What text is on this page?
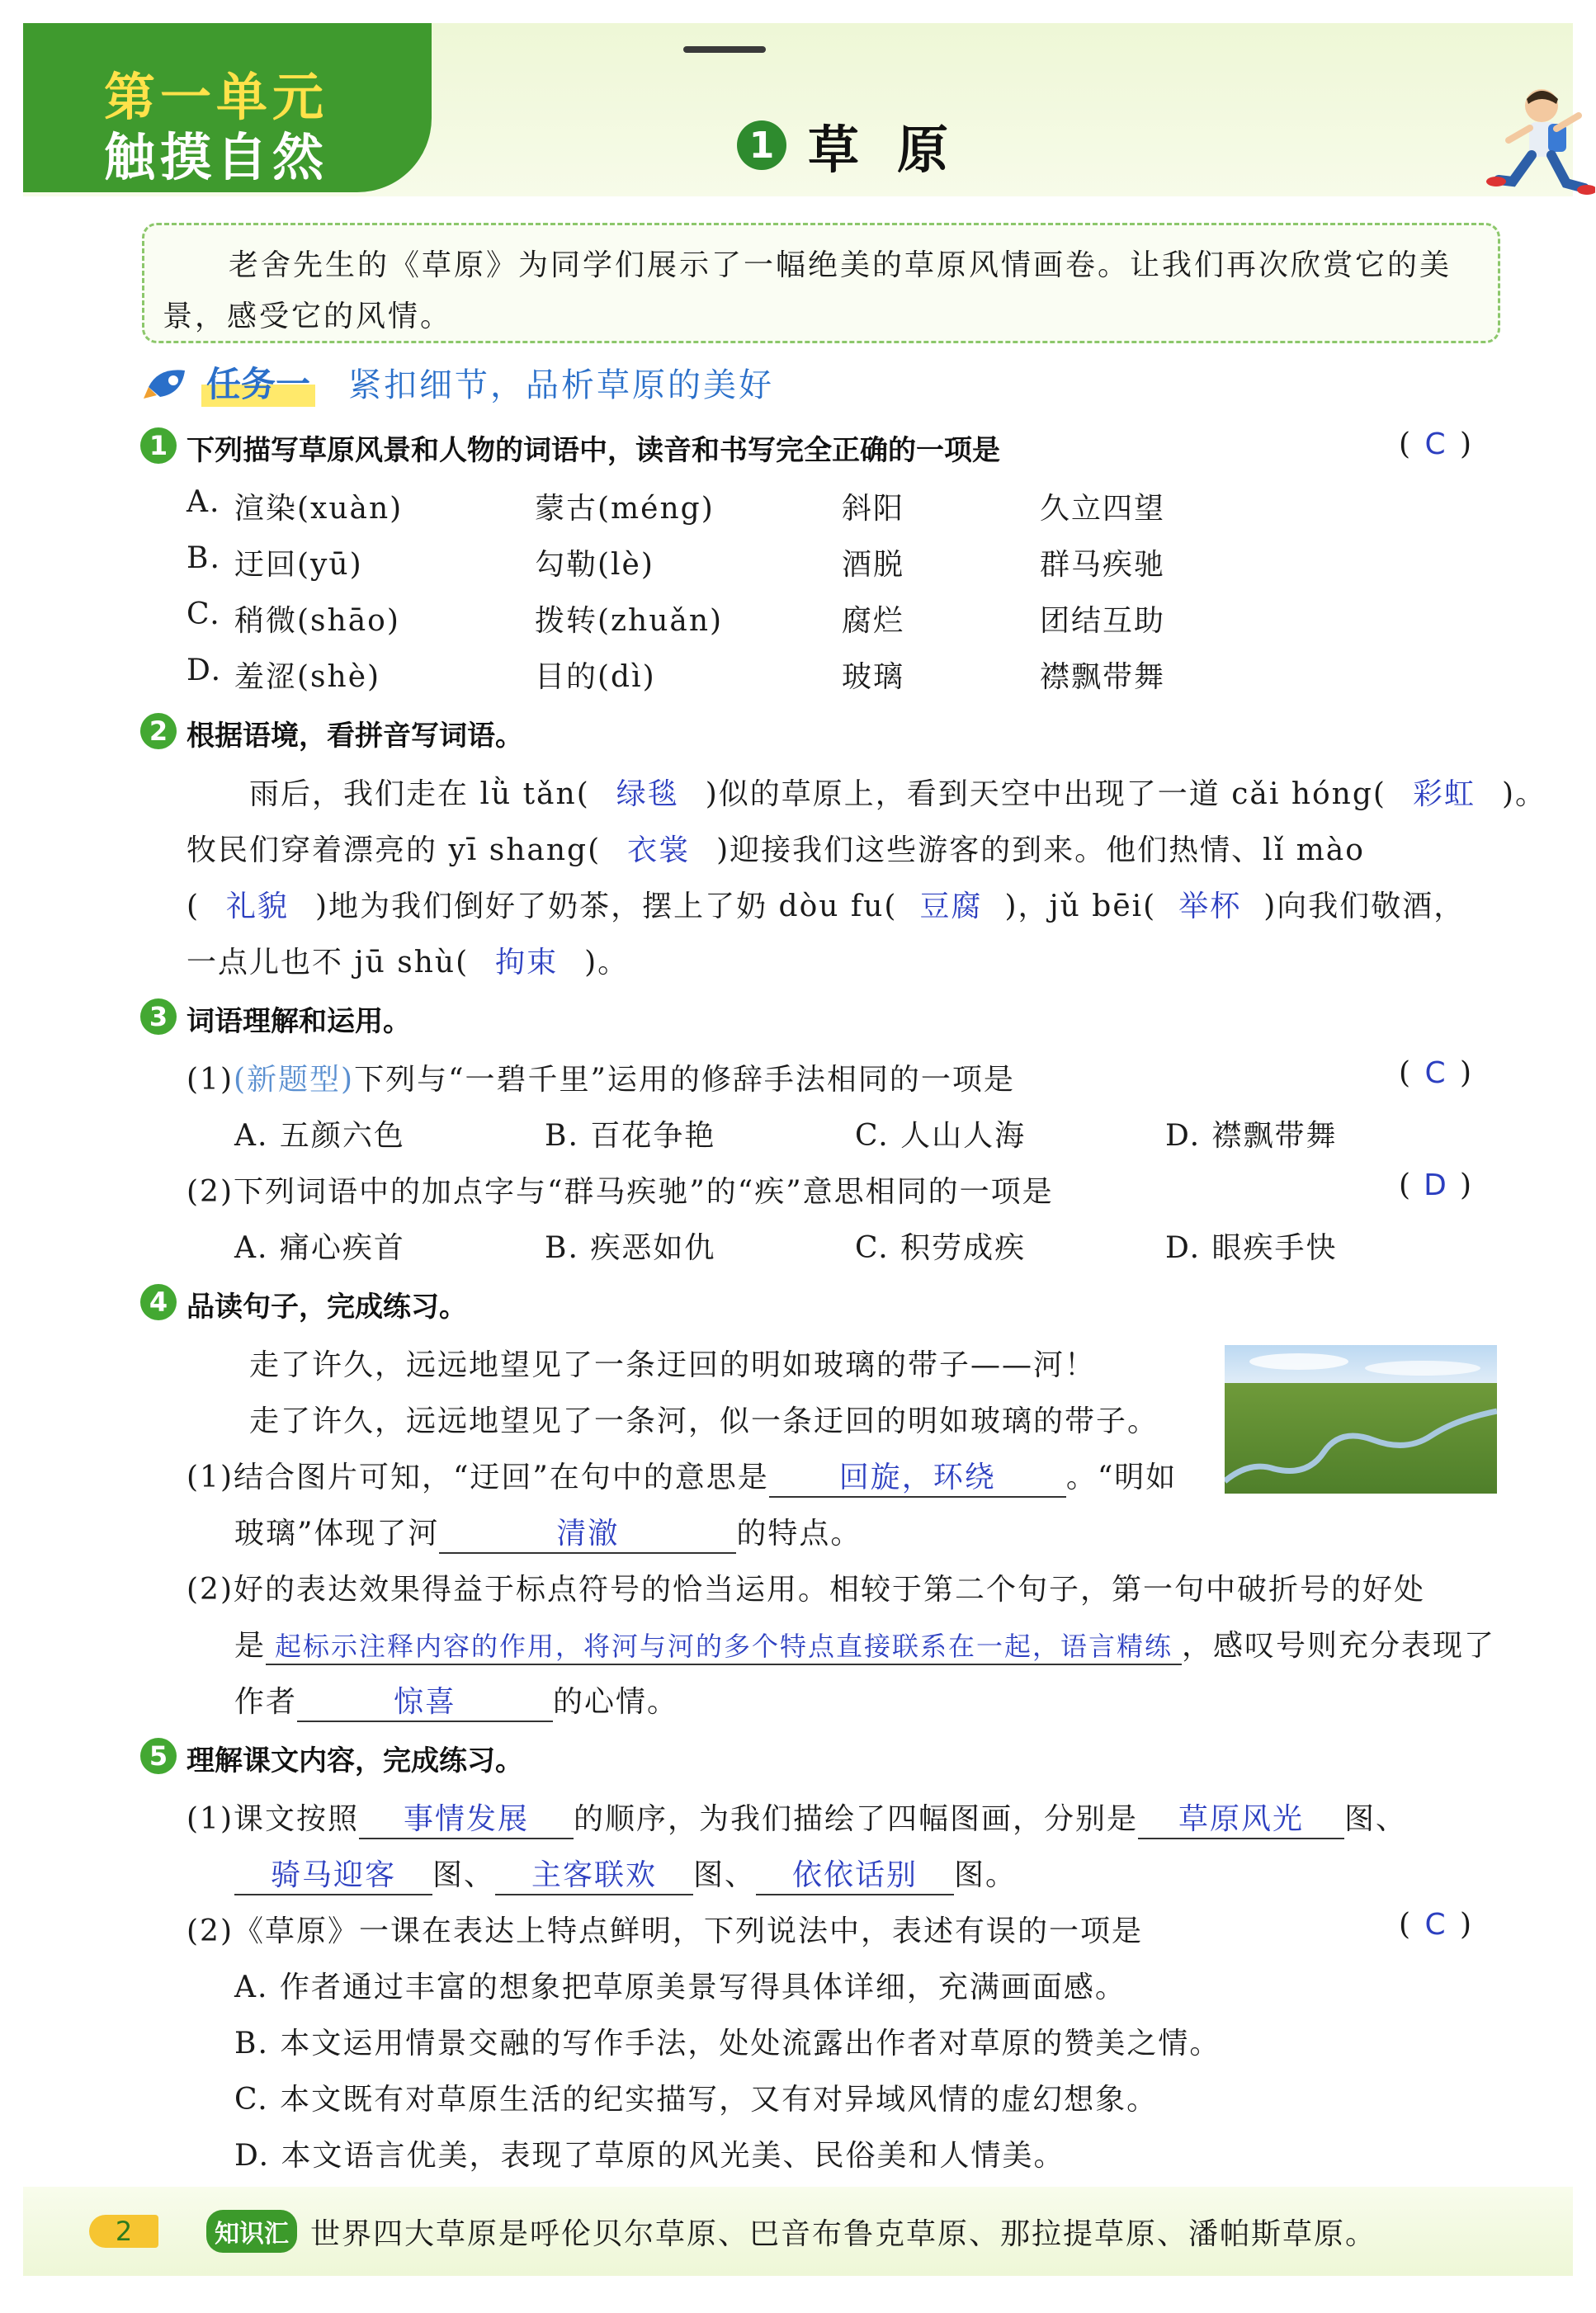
第一单元
触摸自然	1 草原
老舍先生的《草原》为同学们展示了一幅绝美的草原风情画卷。让我们再次欣赏它的美景，感受它的风情。
任务一 紧扣细节，品析草原的美好
1 下列描写草原风景和人物的词语中，读音和书写完全正确的一项是	( C )
A. 渲染(xuàn)	蒙古(méng)	斜阳	久立四望
B. 迂回(yū)	勾勒(lè)	酒脱	群马疾驰
C. 稍微(shāo)	拨转(zhuǎn)	腐烂	团结互助
D. 羞涩(shè)	目的(dì)	玻璃	襟飘带舞
2 根据语境，看拼音写词语。
雨后，我们走在 lǜ tǎn( 绿毯 )似的草原上，看到天空中出现了一道 cǎi hóng( 彩虹 )。
牧民们穿着漂亮的 yī shang( 衣裳 )迎接我们这些游客的到来。他们热情、lǐ mào
( 礼貌 )地为我们倒好了奶茶，摆上了奶 dòu fu( 豆腐 )，jǔ bēi( 举杯 )向我们敬酒，
一点儿也不 jū shù( 拘束 )。
3 词语理解和运用。
(1)(新题型)下列与“一碧千里”运用的修辞手法相同的一项是	( C )
A. 五颜六色	B. 百花争艳	C. 人山人海	D. 襟飘带舞
(2)下列词语中的加点字与“群马疾驰”的“疾”意思相同的一项是	( D )
A. 痛心疾首	B. 疾恶如仇	C. 积劳成疾	D. 眼疾手快
4 品读句子，完成练习。
走了许久，远远地望见了一条迂回的明如玻璃的带子——河！
走了许久，远远地望见了一条河，似一条迂回的明如玻璃的带子。
(1)结合图片可知，“迂回”在句中的意思是 回旋，环绕 。“明如
玻璃”体现了河	清澈	的特点。
(2)好的表达效果得益于标点符号的恰当运用。相较于第二个句子，第一句中破折号的好处
是 起标示注释内容的作用，将河与河的多个特点直接联系在一起，语言精练 ，感叹号则充分表现了
作者	惊喜	的心情。
5 理解课文内容，完成练习。
(1)课文按照 事情发展 的顺序，为我们描绘了四幅图画，分别是 草原风光 图、
骑马迎客 图、 主客联欢 图、 依依话别 图。
(2)《草原》一课在表达上特点鲜明，下列说法中，表述有误的一项是	( C )
A. 作者通过丰富的想象把草原美景写得具体详细，充满画面感。
B. 本文运用情景交融的写作手法，处处流露出作者对草原的赞美之情。
C. 本文既有对草原生活的纪实描写，又有对异域风情的虚幻想象。
D. 本文语言优美，表现了草原的风光美、民俗美和人情美。
2	知识汇 世界四大草原是呼伦贝尔草原、巴音布鲁克草原、那拉提草原、潘帕斯草原。
